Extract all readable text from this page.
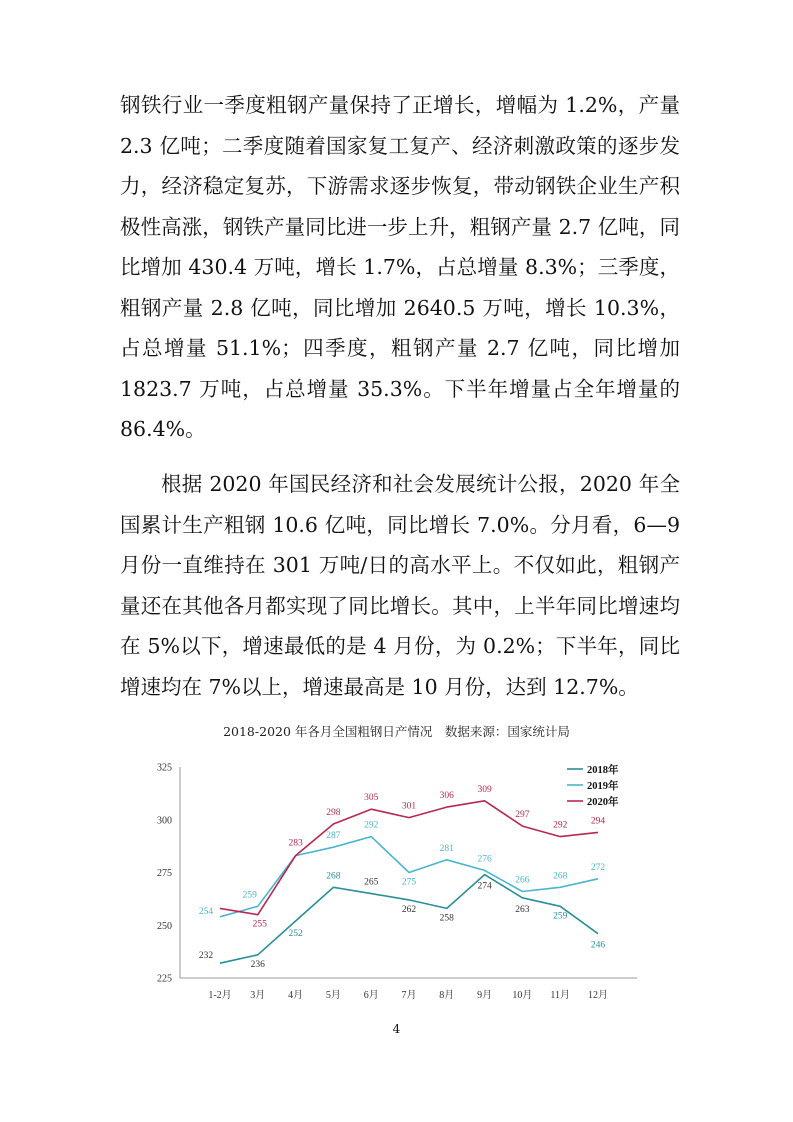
钢铁行业一季度粗钢产量保持了正增长，增幅为 1.2%，产量 2.3 亿吨；二季度随着国家复工复产、经济刺激政策的逐步发力，经济稳定复苏，下游需求逐步恢复，带动钢铁企业生产积极性高涨，钢铁产量同比进一步上升，粗钢产量 2.7 亿吨，同比增加 430.4 万吨，增长 1.7%，占总增量 8.3%；三季度，粗钢产量 2.8 亿吨，同比增加 2640.5 万吨，增长 10.3%，占总增量 51.1%；四季度，粗钢产量 2.7 亿吨，同比增加 1823.7 万吨，占总增量 35.3%。下半年增量占全年增量的 86.4%。

根据 2020 年国民经济和社会发展统计公报，2020 年全国累计生产粗钢 10.6 亿吨，同比增长 7.0%。分月看，6—9 月份一直维持在 301 万吨/日的高水平上。不仅如此，粗钢产量还在其他各月都实现了同比增长。其中，上半年同比增速均在 5%以下，增速最低的是 4 月份，为 0.2%；下半年，同比增速均在 7%以上，增速最高是 10 月份，达到 12.7%。

2018-2020 年各月全国粗钢日产情况　数据来源：国家统计局
225
250
275
300
325
1-2月 3月 4月 5月 6月 7月 8月 9月 10月 11月 12月
232
236
252
268
265
262
258
274
263
259
246
254
259
287
292
275
281
276
266 268
272
255
283
298
305
301
306
309
297
292 294
2018年
2019年
2020年
4
